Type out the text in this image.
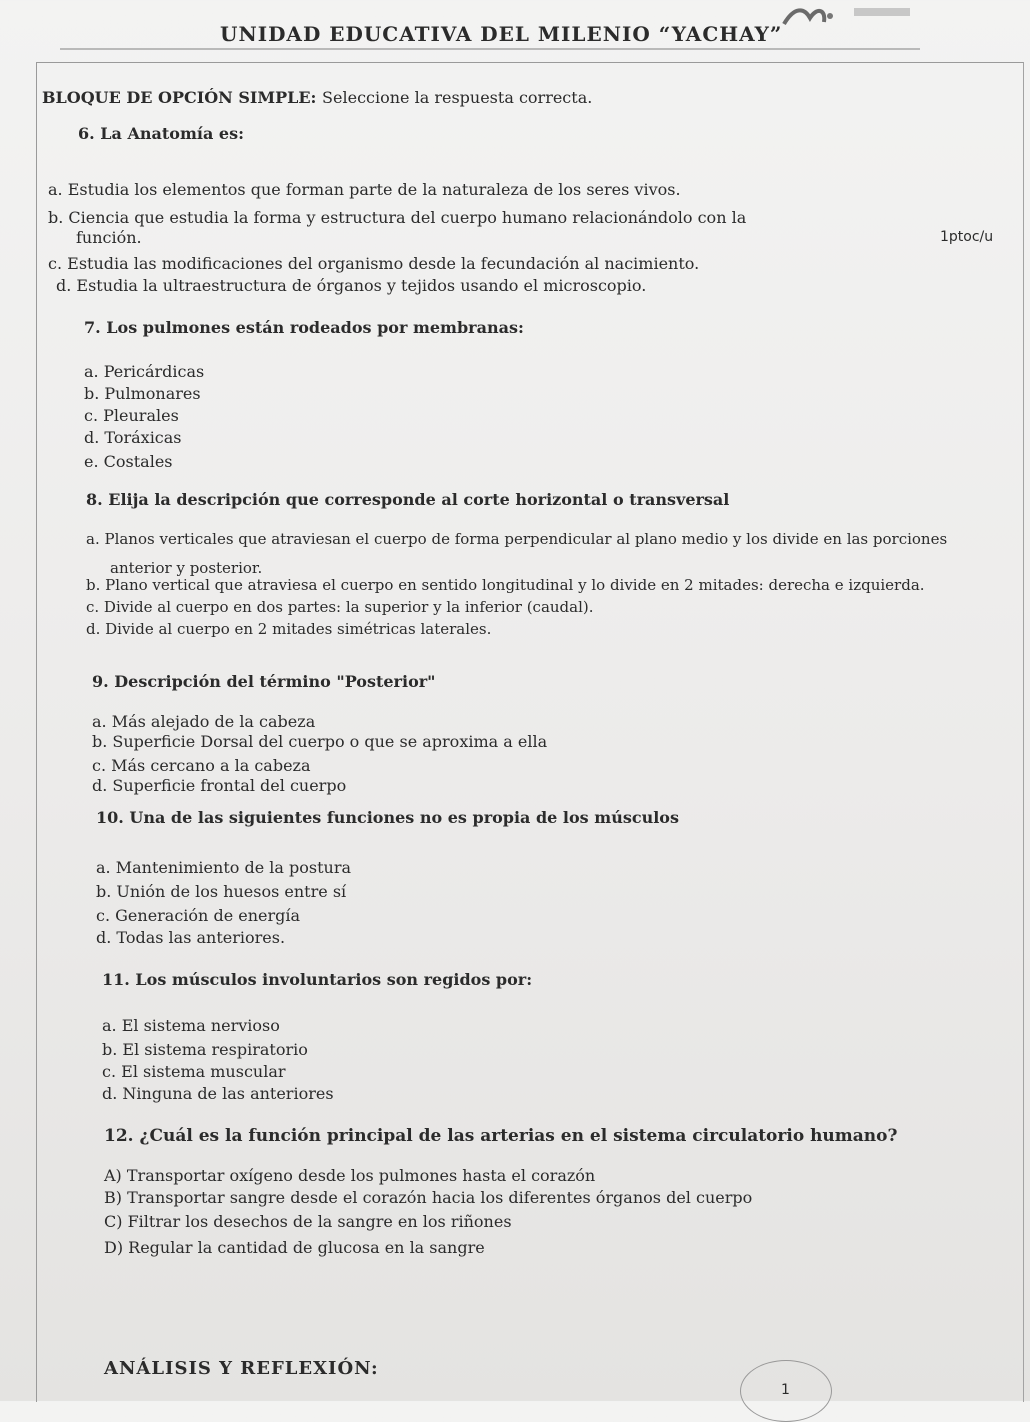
UNIDAD EDUCATIVA DEL MILENIO “YACHAY”
BLOQUE DE OPCIÓN SIMPLE: Seleccione la respuesta correcta.
1ptoc/u
6. La Anatomía es:
a. Estudia los elementos que forman parte de la naturaleza de los seres vivos.
b. Ciencia que estudia la forma y estructura del cuerpo humano relacionándolo con la
función.
c. Estudia las modificaciones del organismo desde la fecundación al nacimiento.
d. Estudia la ultraestructura de órganos y tejidos usando el microscopio.
7. Los pulmones están rodeados por membranas:
a. Pericárdicas
b. Pulmonares
c. Pleurales
d. Toráxicas
e. Costales
8. Elija la descripción que corresponde al corte horizontal o transversal
a. Planos verticales que atraviesan el cuerpo de forma perpendicular al plano medio y los divide en las porciones
anterior y posterior.
b. Plano vertical que atraviesa el cuerpo en sentido longitudinal y lo divide en 2 mitades: derecha e izquierda.
c. Divide al cuerpo en dos partes: la superior y la inferior (caudal).
d. Divide al cuerpo en 2 mitades simétricas laterales.
9. Descripción del término "Posterior"
a. Más alejado de la cabeza
b. Superficie Dorsal del cuerpo o que se aproxima a ella
c. Más cercano a la cabeza
d. Superficie frontal del cuerpo
10. Una de las siguientes funciones no es propia de los músculos
a. Mantenimiento de la postura
b. Unión de los huesos entre sí
c. Generación de energía
d. Todas las anteriores.
11. Los músculos involuntarios son regidos por:
a. El sistema nervioso
b. El sistema respiratorio
c. El sistema muscular
d. Ninguna de las anteriores
12. ¿Cuál es la función principal de las arterias en el sistema circulatorio humano?
A) Transportar oxígeno desde los pulmones hasta el corazón
B) Transportar sangre desde el corazón hacia los diferentes órganos del cuerpo
C) Filtrar los desechos de la sangre en los riñones
D) Regular la cantidad de glucosa en la sangre
ANÁLISIS Y REFLEXIÓN:
1
